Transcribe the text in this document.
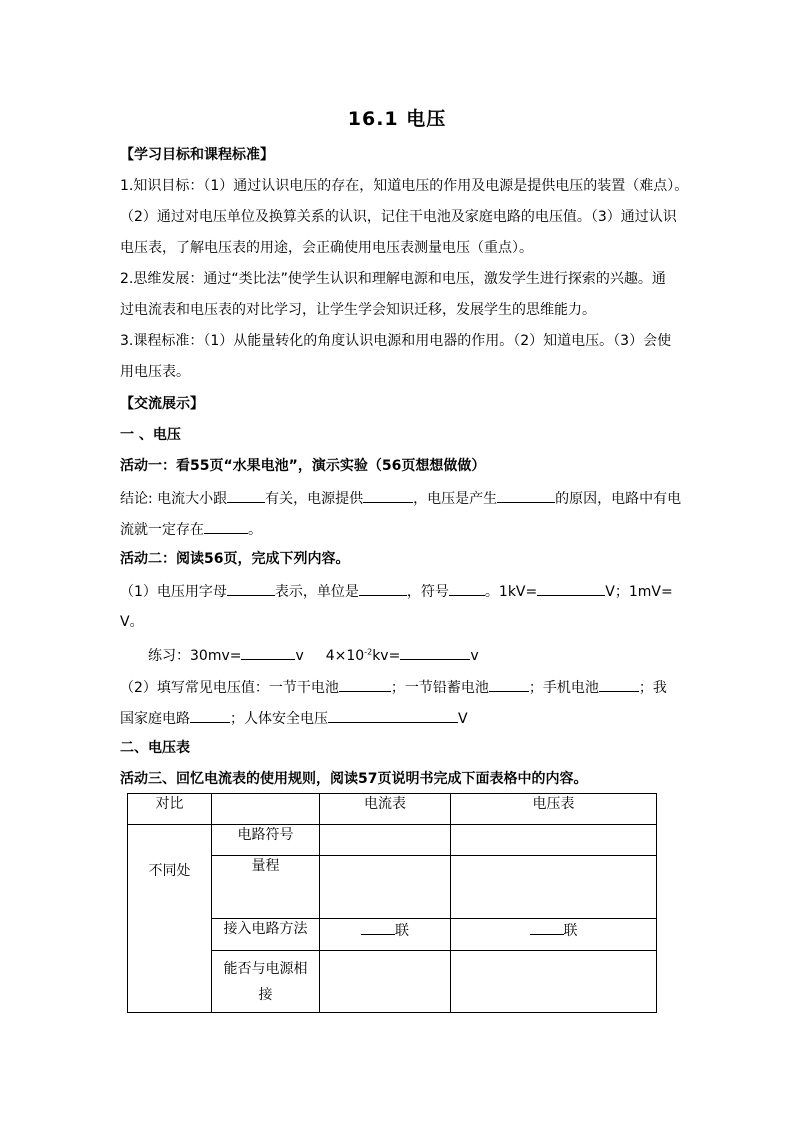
16.1 电压
【学习目标和课程标准】
1.知识目标：（1）通过认识电压的存在，知道电压的作用及电源是提供电压的装置（难点）。
（2）通过对电压单位及换算关系的认识，记住干电池及家庭电路的电压值。（3）通过认识
电压表，了解电压表的用途，会正确使用电压表测量电压（重点）。
2.思维发展：通过“类比法”使学生认识和理解电源和电压，激发学生进行探索的兴趣。通
过电流表和电压表的对比学习，让学生学会知识迁移，发展学生的思维能力。
3.课程标准：（1）从能量转化的角度认识电源和用电器的作用。（2）知道电压。（3）会使
用电压表。
【交流展示】
一 、电压
活动一：看55页“水果电池”，演示实验（56页想想做做）
结论: 电流大小跟	有关，电源提供	，电压是产生	的原因，电路中有电
流就一定存在	。
活动二：阅读56页，完成下列内容。
（1）电压用字母	表示，单位是	，符号	。1kV=	V；1mV=
V。
练习：30mv=	v $4\times 10^{-2}kv=$	v
（2）填写常见电压值：一节干电池	；一节铅蓄电池	；手机电池	；我
国家庭电路	；人体安全电压	V
二、电压表
活动三、回忆电流表的使用规则，阅读57页说明书完成下面表格中的内容。
对比		电流表	电压表
不同处	电路符号		
	量程		
	接入电路方法	联	联
	能否与电源相
接		
